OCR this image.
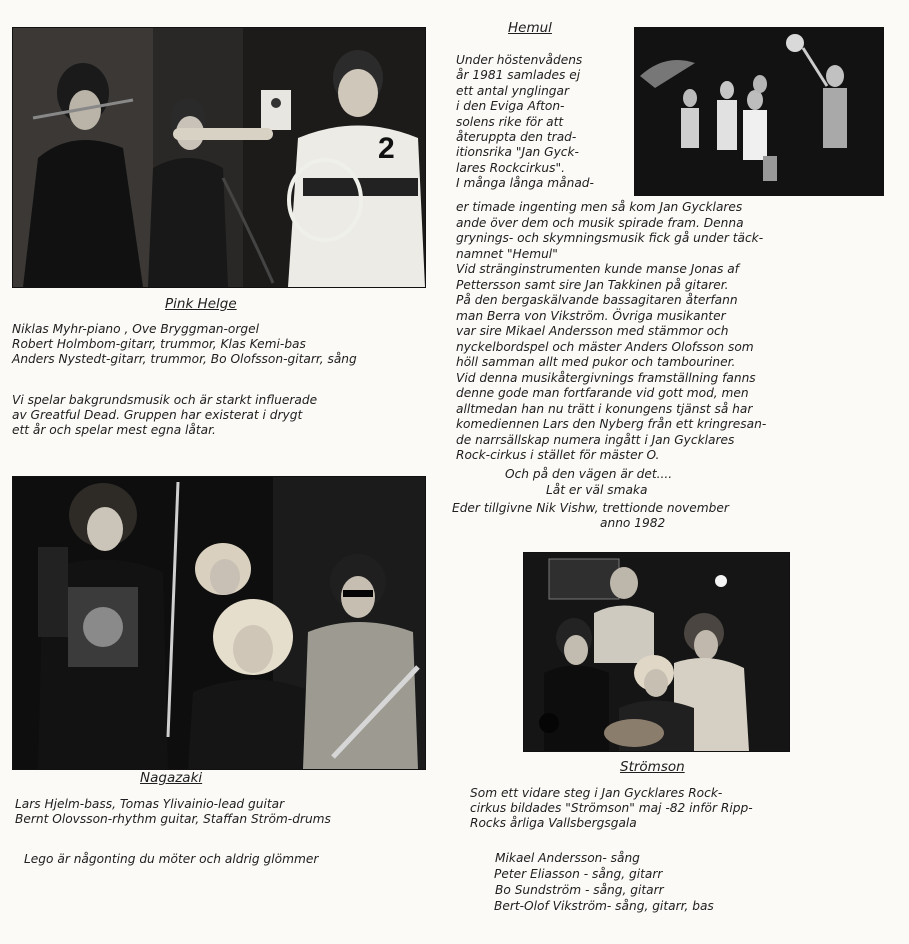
2
Pink Helge
Niklas Myhr-piano , Ove Bryggman-orgel
Robert Holmbom-gitarr, trummor, Klas Kemi-bas
Anders Nystedt-gitarr, trummor, Bo Olofsson-gitarr, sång
Vi spelar bakgrundsmusik och är starkt influerade
av Greatful Dead. Gruppen har existerat i drygt
ett år och spelar mest egna låtar.
Hemul
Under höstenvådens
år 1981 samlades ej
ett antal ynglingar
i den Eviga Afton-
solens rike för att
återupptа den trad-
itionsrika "Jan Gyck-
lares Rockcirkus".
I många långa månad-
er timade ingenting men så kom Jan Gycklares
ande över dem och musik spirade fram. Denna
grynings- och skymningsmusik fick gå under täck-
namnet "Hemul"
Vid stränginstrumenten kunde manse Jonas af
Pettersson samt sire Jan Takkinen på gitarer.
På den bergaskälvande bassagitaren återfann
man Berra von Vikström. Övriga musikanter
var sire Mikael Andersson med stämmor och
nyckelbordspel och mäster Anders Olofsson som
höll samman allt med pukor och tambouriner.
Vid denna musikåtergivnings framställning fanns
denne gode man fortfarande vid gott mod, men
alltmedan han nu trätt i konungens tjänst så har
komediennen Lars den Nyberg från ett kringresan-
de narrsällskap numera ingått i Jan Gycklares
Rock-cirkus i stället för mäster O.
Och på den vägen är det....
Låt er väl smaka
Eder tillgivne Nik Vishw, trettionde november
anno 1982
Nagazaki
Lars Hjelm-bass, Tomas Ylivainio-lead guitar
Bernt Olovsson-rhythm guitar, Staffan Ström-drums
Lego är någonting du möter och aldrig glömmer
Strömson
Som ett vidare steg i Jan Gycklares Rock-
cirkus bildades "Strömson" maj -82 inför Ripp-
Rocks årliga Vallsbergsgala
Mikael Andersson- sång
Peter Eliasson - sång, gitarr
Bo Sundström - sång, gitarr
Bert-Olof Vikström- sång, gitarr, bas
